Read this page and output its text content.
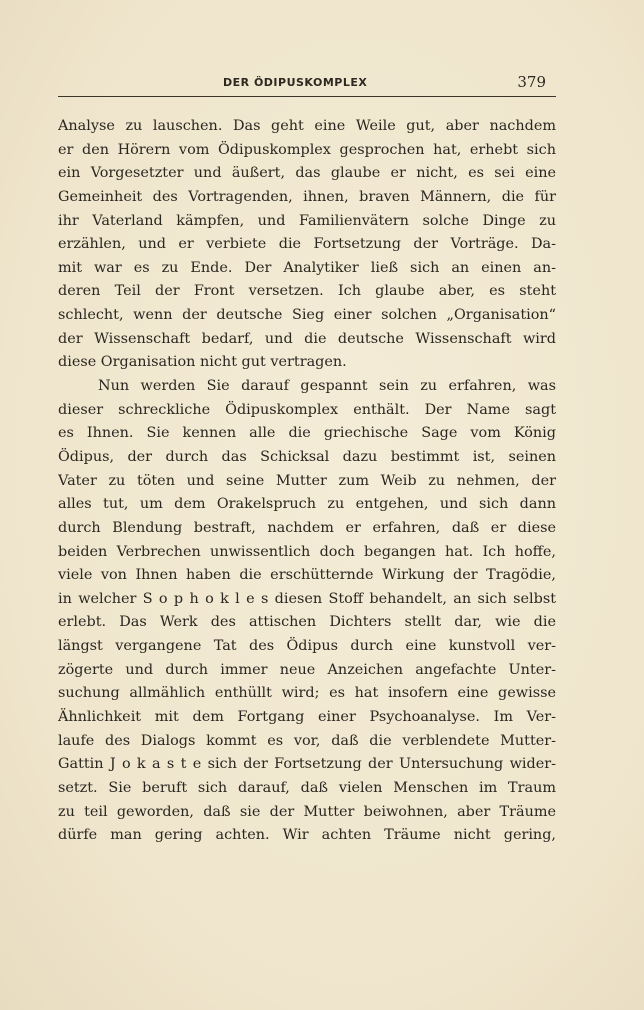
DER ÖDIPUSKOMPLEX	379
Analyse zu lauschen. Das geht eine Weile gut, aber nachdem
er den Hörern vom Ödipuskomplex gesprochen hat, erhebt sich
ein Vorgesetzter und äußert, das glaube er nicht, es sei eine
Gemeinheit des Vortragenden, ihnen, braven Männern, die für
ihr Vaterland kämpfen, und Familienvätern solche Dinge zu
erzählen, und er verbiete die Fortsetzung der Vorträge. Da-
mit war es zu Ende. Der Analytiker ließ sich an einen an-
deren Teil der Front versetzen. Ich glaube aber, es steht
schlecht, wenn der deutsche Sieg einer solchen „Organisation“
der Wissenschaft bedarf, und die deutsche Wissenschaft wird
diese Organisation nicht gut vertragen.
Nun werden Sie darauf gespannt sein zu erfahren, was
dieser schreckliche Ödipuskomplex enthält. Der Name sagt
es Ihnen. Sie kennen alle die griechische Sage vom König
Ödipus, der durch das Schicksal dazu bestimmt ist, seinen
Vater zu töten und seine Mutter zum Weib zu nehmen, der
alles tut, um dem Orakelspruch zu entgehen, und sich dann
durch Blendung bestraft, nachdem er erfahren, daß er diese
beiden Verbrechen unwissentlich doch begangen hat. Ich hoffe,
viele von Ihnen haben die erschütternde Wirkung der Tragödie,
in welcher S o p h o k l e s diesen Stoff behandelt, an sich selbst
erlebt. Das Werk des attischen Dichters stellt dar, wie die
längst vergangene Tat des Ödipus durch eine kunstvoll ver-
zögerte und durch immer neue Anzeichen angefachte Unter-
suchung allmählich enthüllt wird; es hat insofern eine gewisse
Ähnlichkeit mit dem Fortgang einer Psychoanalyse. Im Ver-
laufe des Dialogs kommt es vor, daß die verblendete Mutter-
Gattin J o k a s t e sich der Fortsetzung der Untersuchung wider-
setzt. Sie beruft sich darauf, daß vielen Menschen im Traum
zu teil geworden, daß sie der Mutter beiwohnen, aber Träume
dürfe man gering achten. Wir achten Träume nicht gering,
